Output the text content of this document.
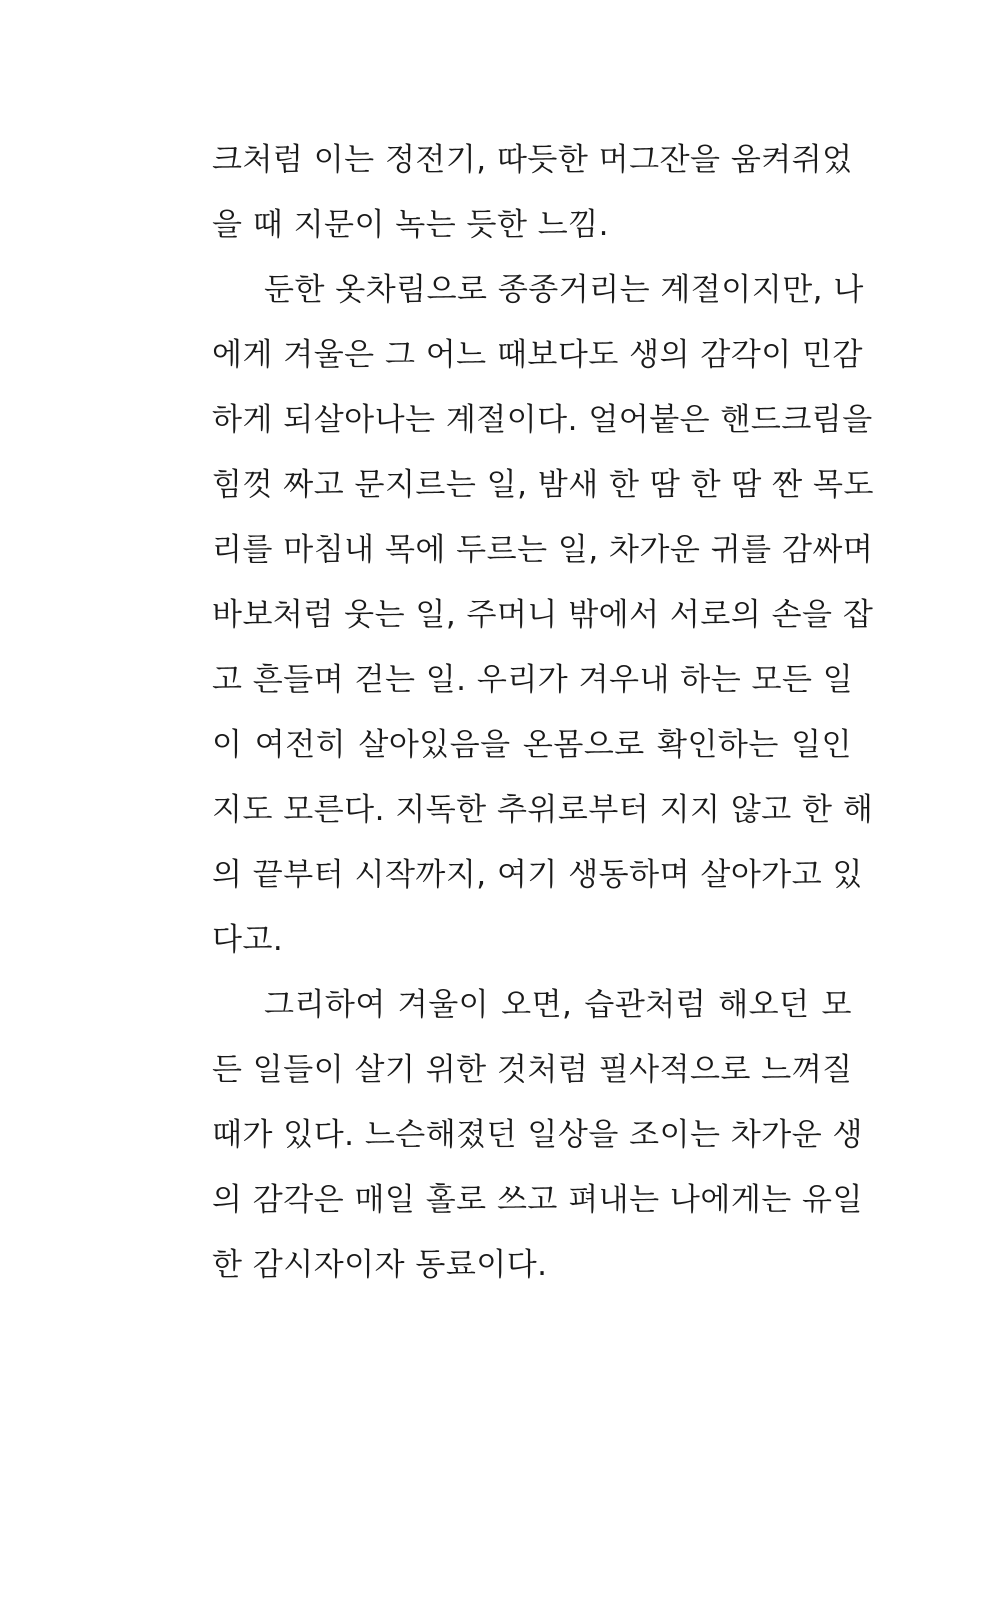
크처럼 이는 정전기, 따듯한 머그잔을 움켜쥐었
을 때 지문이 녹는 듯한 느낌.
둔한 옷차림으로 종종거리는 계절이지만, 나
에게 겨울은 그 어느 때보다도 생의 감각이 민감
하게 되살아나는 계절이다. 얼어붙은 핸드크림을
힘껏 짜고 문지르는 일, 밤새 한 땀 한 땀 짠 목도
리를 마침내 목에 두르는 일, 차가운 귀를 감싸며
바보처럼 웃는 일, 주머니 밖에서 서로의 손을 잡
고 흔들며 걷는 일. 우리가 겨우내 하는 모든 일
이 여전히 살아있음을 온몸으로 확인하는 일인
지도 모른다. 지독한 추위로부터 지지 않고 한 해
의 끝부터 시작까지, 여기 생동하며 살아가고 있
다고.
그리하여 겨울이 오면, 습관처럼 해오던 모
든 일들이 살기 위한 것처럼 필사적으로 느껴질
때가 있다. 느슨해졌던 일상을 조이는 차가운 생
의 감각은 매일 홀로 쓰고 펴내는 나에게는 유일
한 감시자이자 동료이다.
